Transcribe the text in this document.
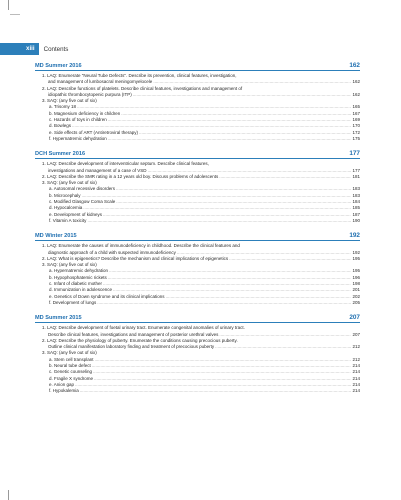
xiii	Contents
MD Summer 2016	162
1. LAQ: Enumerate "Neural Tube Defects". Describe its prevention, clinical features, investigation,
and management of lumbosacral meningomyelocele .....	162
2. LAQ: Describe functions of platelets. Describe clinical features, investigations and management of
idiopathic thrombocytopenic purpura (ITP) .....	162
3. SAQ: (any five out of six)
a. Trisomy 18 .....	165
b. Magnesium deficiency in children .....	167
c. Hazards of toys in children .....	169
d. Bowlegs .....	170
e. Side effects of ART (Antiretroviral therapy) .....	172
f. Hypernatremic dehydration .....	175
DCH Summer 2016	177
1. LAQ: Describe development of interventricular septum. Describe clinical features,
investigations and management of a case of VSD .....	177
2. LAQ: Describe the SMR rating in a 12 years old boy. Discuss problems of adolescents .....	181
3. SAQ: (any five out of six)
a. Autosomal recessive disorders .....	183
b. Microcephaly .....	183
c. Modified Glasgow Coma Scale .....	184
d. Hypocalcemia .....	185
e. Development of kidneys .....	187
f. Vitamin A toxicity .....	190
MD Winter 2015	192
1. LAQ: Enumerate the causes of immunodeficiency in childhood. Describe the clinical features and
diagnostic approach of a child with suspected immunodeficiency .....	192
2. LAQ: What is epigenetics? Describe the mechanism and clinical implications of epigenetics .....	195
3. SAQ: (any five out of six)
a. Hypernatremic dehydration .....	195
b. Hypophosphatemic rickets .....	196
c. Infant of diabetic mother .....	198
d. Immunization in adolescence .....	201
e. Genetics of Down syndrome and its clinical implications .....	202
f. Development of lungs .....	205
MD Summer 2015	207
1. LAQ: Describe development of foetal urinary tract. Enumerate congenital anomalies of urinary tract.
Describe clinical features, investigations and management of posterior urethral valves .....	207
2. LAQ: Describe the physiology of puberty. Enumerate the conditions causing precocious puberty.
Outline clinical manifestation laboratory finding and treatment of precocious puberty .....	212
3. SAQ: (any five out of six)
a. Stem cell transplant .....	212
b. Neural tube defect .....	214
c. Genetic counseling .....	214
d. Fragile X syndrome .....	214
e. Anion gap .....	214
f. Hypokalemia .....	214
